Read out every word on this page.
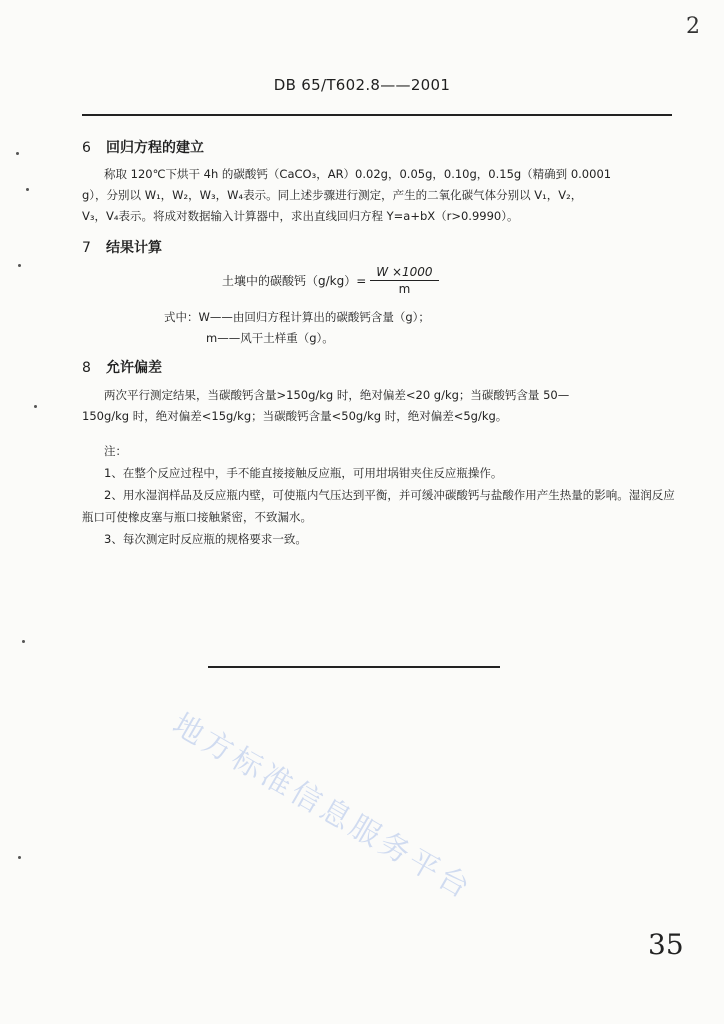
2
DB 65/T602.8——2001
6 回归方程的建立
称取 120℃下烘干 4h 的碳酸钙（CaCO₃，AR）0.02g，0.05g，0.10g，0.15g（精确到 0.0001
g），分别以 W₁，W₂，W₃，W₄表示。同上述步骤进行测定，产生的二氧化碳气体分别以 V₁，V₂，
V₃，V₄表示。将成对数据输入计算器中，求出直线回归方程 Y=a+bX（r>0.9990）。
7 结果计算
土壤中的碳酸钙$(g/kg)= \frac{W \times 1000}{m}$
式中：W——由回归方程计算出的碳酸钙含量（g）；
m——风干土样重（g）。
8 允许偏差
两次平行测定结果，当碳酸钙含量>150g/kg 时，绝对偏差<20 g/kg；当碳酸钙含量 50—
150g/kg 时，绝对偏差<15g/kg；当碳酸钙含量<50g/kg 时，绝对偏差<5g/kg。
注：
1、在整个反应过程中，手不能直接接触反应瓶，可用坩埚钳夹住反应瓶操作。
2、用水湿润样品及反应瓶内壁，可使瓶内气压达到平衡，并可缓冲碳酸钙与盐酸作用产生热量的影响。湿润反应瓶口可使橡皮塞与瓶口接触紧密，不致漏水。
3、每次测定时反应瓶的规格要求一致。
地方标准信息服务平台
35
